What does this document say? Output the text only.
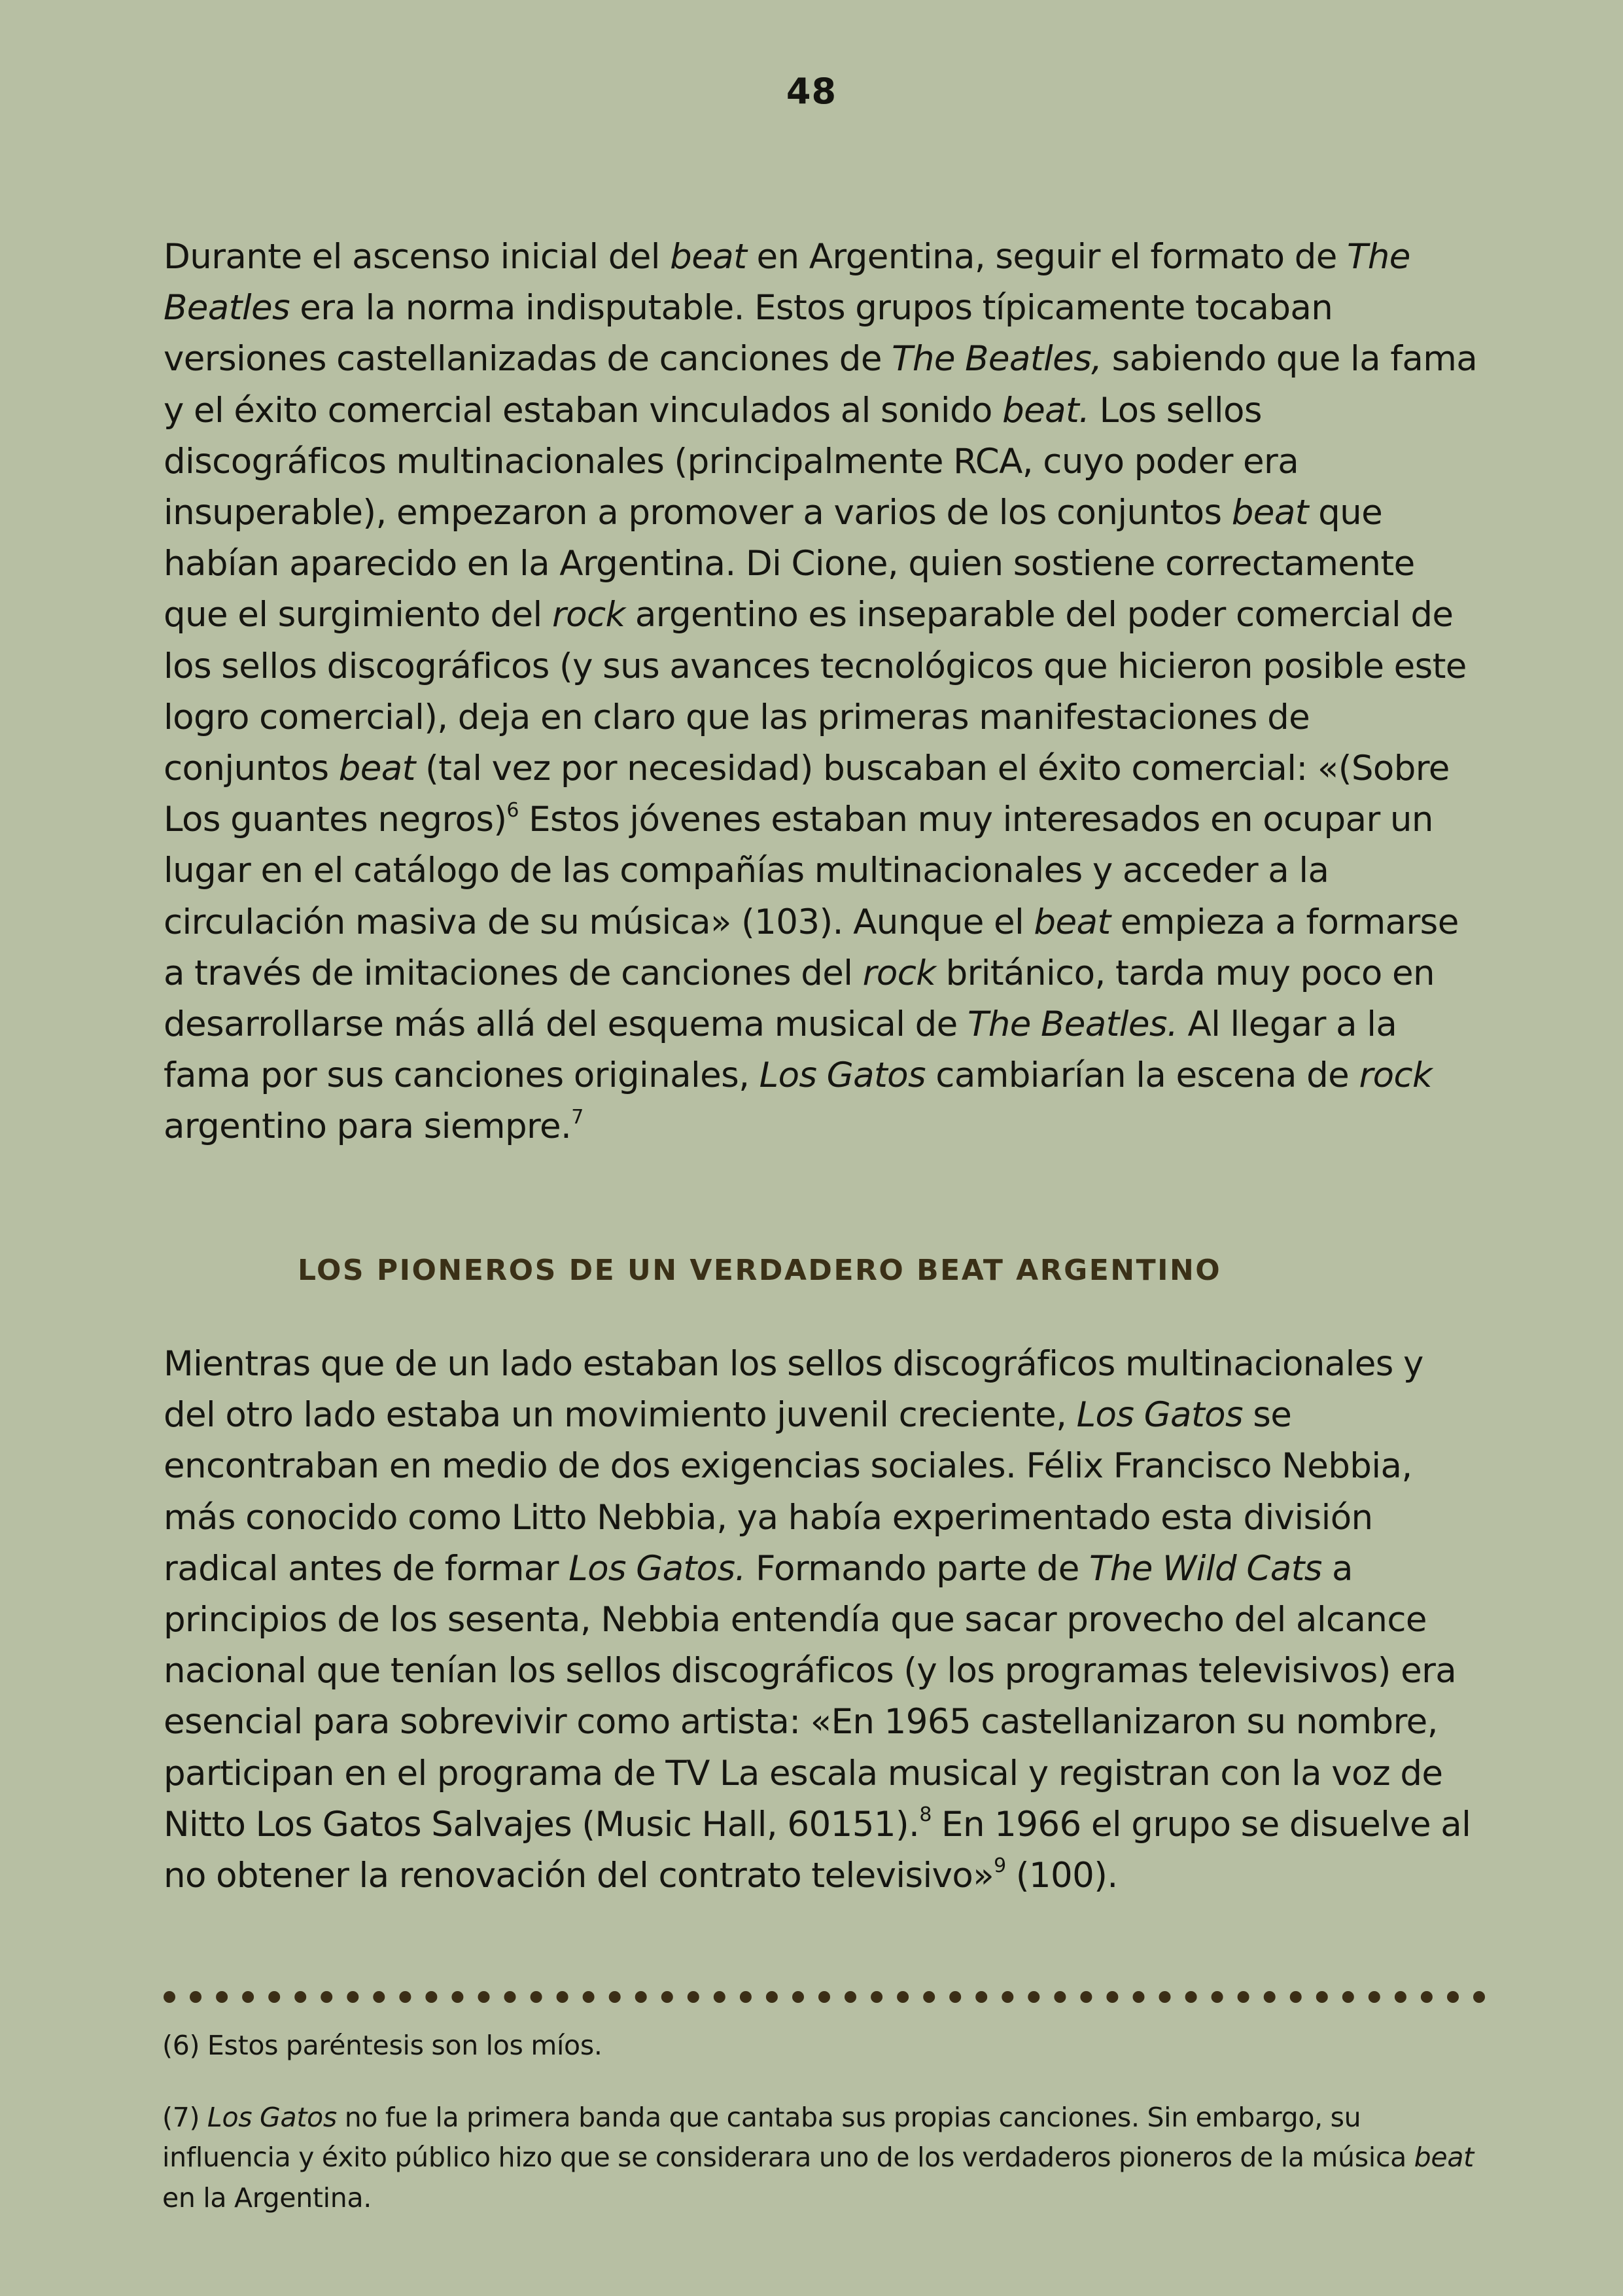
48

Durante el ascenso inicial del beat en Argentina, seguir el formato de The Beatles era la norma indisputable. Estos grupos típicamente tocaban versiones castellanizadas de canciones de The Beatles, sabiendo que la fama y el éxito comercial estaban vinculados al sonido beat. Los sellos discográficos multinacionales (principalmente RCA, cuyo poder era insuperable), empezaron a promover a varios de los conjuntos beat que habían aparecido en la Argentina. Di Cione, quien sostiene correctamente que el surgimiento del rock argentino es inseparable del poder comercial de los sellos discográficos (y sus avances tecnológicos que hicieron posible este logro comercial), deja en claro que las primeras manifestaciones de conjuntos beat (tal vez por necesidad) buscaban el éxito comercial: «(Sobre Los guantes negros)$^6$ Estos jóvenes estaban muy interesados en ocupar un lugar en el catálogo de las compañías multinacionales y acceder a la circulación masiva de su música» (103). Aunque el beat empieza a formarse a través de imitaciones de canciones del rock británico, tarda muy poco en desarrollarse más allá del esquema musical de The Beatles. Al llegar a la fama por sus canciones originales, Los Gatos cambiarían la escena de rock argentino para siempre.$^7$

LOS PIONEROS DE UN VERDADERO BEAT ARGENTINO

Mientras que de un lado estaban los sellos discográficos multinacionales y del otro lado estaba un movimiento juvenil creciente, Los Gatos se encontraban en medio de dos exigencias sociales. Félix Francisco Nebbia, más conocido como Litto Nebbia, ya había experimentado esta división radical antes de formar Los Gatos. Formando parte de The Wild Cats a principios de los sesenta, Nebbia entendía que sacar provecho del alcance nacional que tenían los sellos discográficos (y los programas televisivos) era esencial para sobrevivir como artista: «En 1965 castellanizaron su nombre, participan en el programa de TV La escala musical y registran con la voz de Nitto Los Gatos Salvajes (Music Hall, 60151).$^8$ En 1966 el grupo se disuelve al no obtener la renovación del contrato televisivo»$^9$ (100).

(6) Estos paréntesis son los míos.

(7) Los Gatos no fue la primera banda que cantaba sus propias canciones. Sin embargo, su influencia y éxito público hizo que se considerara uno de los verdaderos pioneros de la música beat en la Argentina.
